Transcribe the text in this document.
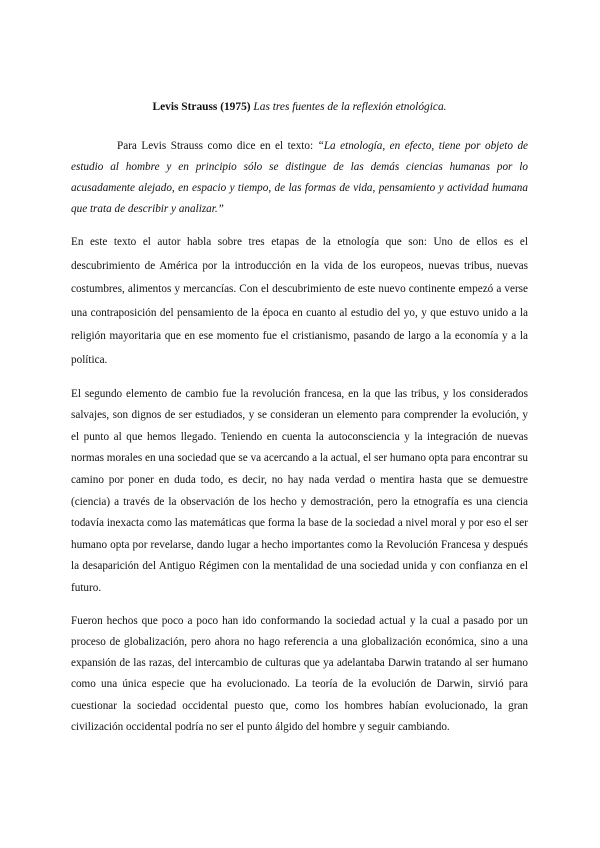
Levis Strauss (1975) Las tres fuentes de la reflexión etnológica.

Para Levis Strauss como dice en el texto: “La etnología, en efecto, tiene por objeto de estudio al hombre y en principio sólo se distingue de las demás ciencias humanas por lo acusadamente alejado, en espacio y tiempo, de las formas de vida, pensamiento y actividad humana que trata de describir y analizar.”

En este texto el autor habla sobre tres etapas de la etnología que son: Uno de ellos es el descubrimiento de América por la introducción en la vida de los europeos, nuevas tribus, nuevas costumbres, alimentos y mercancías. Con el descubrimiento de este nuevo continente empezó a verse una contraposición del pensamiento de la época en cuanto al estudio del yo, y que estuvo unido a la religión mayoritaria que en ese momento fue el cristianismo, pasando de largo a la economía y a la política.

El segundo elemento de cambio fue la revolución francesa, en la que las tribus, y los considerados salvajes, son dignos de ser estudiados, y se consideran un elemento para comprender la evolución, y el punto al que hemos llegado. Teniendo en cuenta la autoconsciencia y la integración de nuevas normas morales en una sociedad que se va acercando a la actual, el ser humano opta para encontrar su camino por poner en duda todo, es decir, no hay nada verdad o mentira hasta que se demuestre (ciencia) a través de la observación de los hecho y demostración, pero la etnografía es una ciencia todavía inexacta como las matemáticas que forma la base de la sociedad a nivel moral y por eso el ser humano opta por revelarse, dando lugar a hecho importantes como la Revolución Francesa y después la desaparición del Antiguo Régimen con la mentalidad de una sociedad unida y con confianza en el futuro.

Fueron hechos que poco a poco han ido conformando la sociedad actual y la cual a pasado por un proceso de globalización, pero ahora no hago referencia a una globalización económica, sino a una expansión de las razas, del intercambio de culturas que ya adelantaba Darwin tratando al ser humano como una única especie que ha evolucionado. La teoría de la evolución de Darwin, sirvió para cuestionar la sociedad occidental puesto que, como los hombres habían evolucionado, la gran civilización occidental podría no ser el punto álgido del hombre y seguir cambiando.
